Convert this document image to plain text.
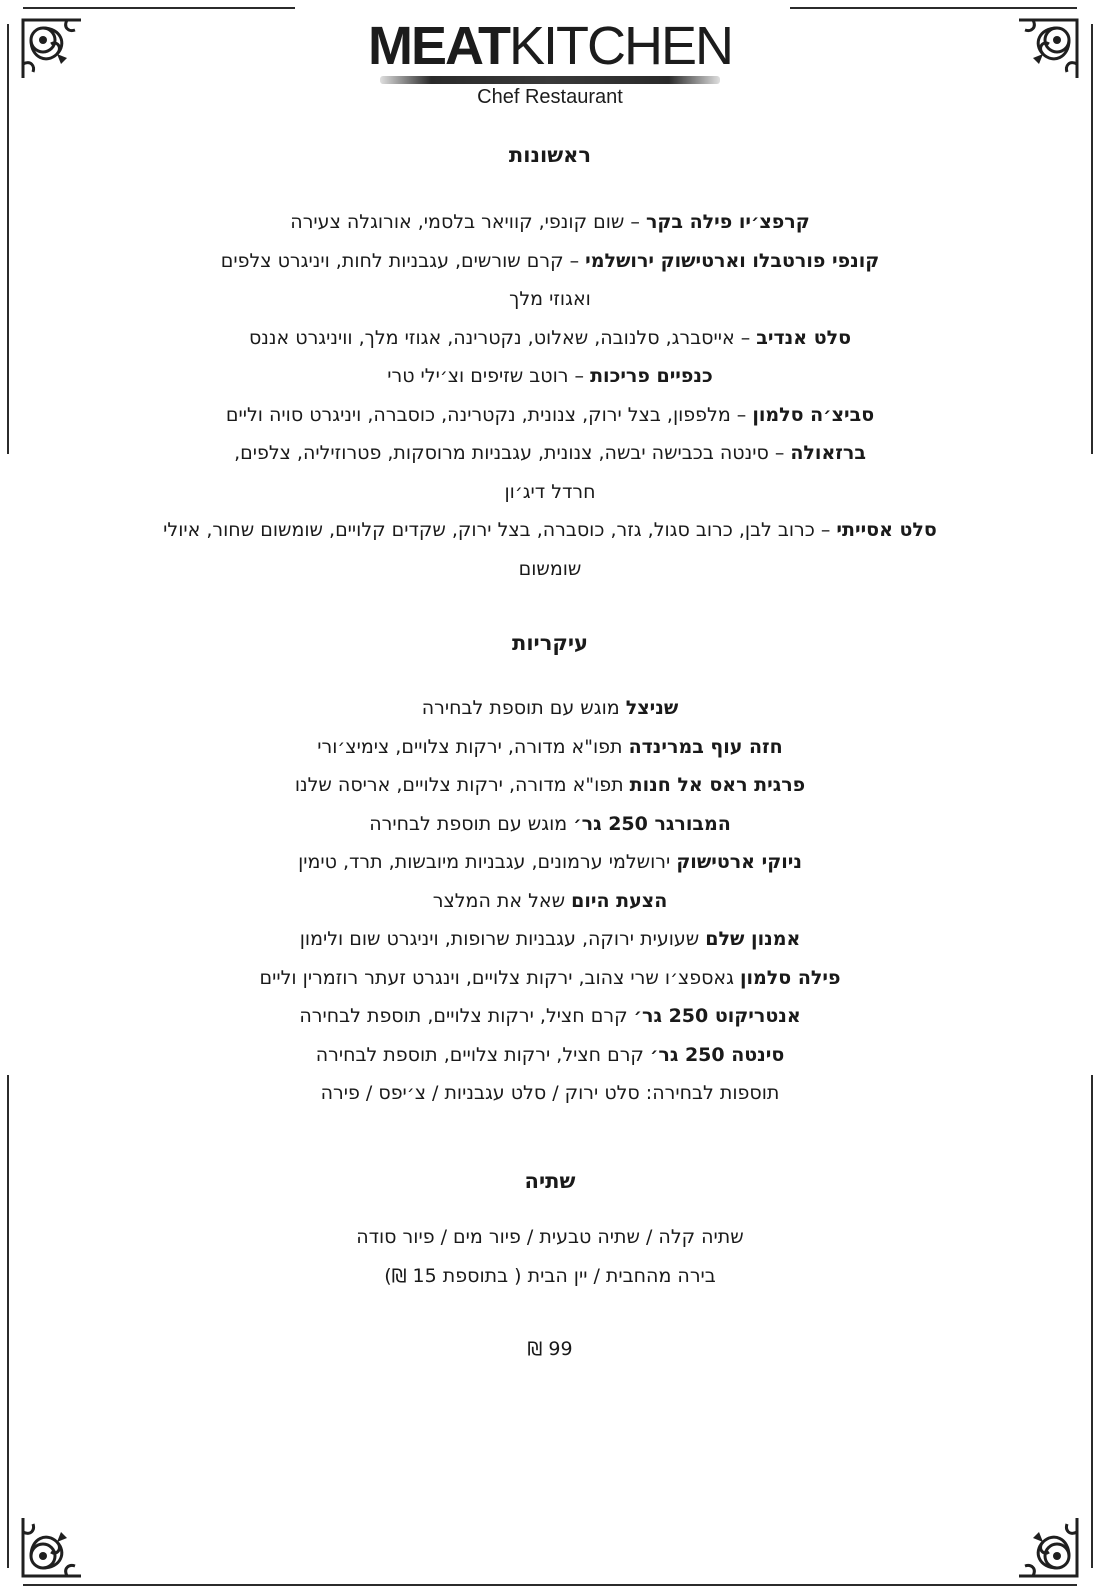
MEATKITCHEN
Chef Restaurant
ראשונות
קרפצ׳יו פילה בקר – שום קונפי, קוויאר בלסמי, אורוגלה צעירה
קונפי פורטבלו וארטישוק ירושלמי – קרם שורשים, עגבניות לחות, ויניגרט צלפים
ואגוזי מלך
סלט אנדיב – אייסברג, סלנובה, שאלוט, נקטרינה, אגוזי מלך, וויניגרט אננס
כנפיים פריכות – רוטב שזיפים וצ׳ילי טרי
סביצ׳ה סלמון – מלפפון, בצל ירוק, צנונית, נקטרינה, כוסברה, ויניגרט סויה וליים
ברזאולה – סינטה בכבישה יבשה, צנונית, עגבניות מרוסקות, פטרוזיליה, צלפים,
חרדל דיג׳ון
סלט אסייתי – כרוב לבן, כרוב סגול, גזר, כוסברה, בצל ירוק, שקדים קלויים, שומשום שחור, איולי
שומשום
עיקריות
שניצל מוגש עם תוספת לבחירה
חזה עוף במרינדה תפו"א מדורה, ירקות צלויים, צימיצ׳ורי
פרגית ראס אל חנות תפו"א מדורה, ירקות צלויים, אריסה שלנו
המבורגר 250 גר׳ מוגש עם תוספת לבחירה
ניוקי ארטישוק ירושלמי ערמונים, עגבניות מיובשות, תרד, טימין
הצעת היום שאל את המלצר
אמנון שלם שעועית ירוקה, עגבניות שרופות, ויניגרט שום ולימון
פילה סלמון גאספצ׳ו שרי צהוב, ירקות צלויים, וינגרט זעתר רוזמרין וליים
אנטריקוט 250 גר׳ קרם חציל, ירקות צלויים, תוספת לבחירה
סינטה 250 גר׳ קרם חציל, ירקות צלויים, תוספת לבחירה
תוספות לבחירה: סלט ירוק / סלט עגבניות / צ׳יפס / פירה
שתיה
שתיה קלה / שתיה טבעית / פיור מים / פיור סודה
בירה מהחבית / יין הבית ( בתוספת 15 ₪)
99 ₪
